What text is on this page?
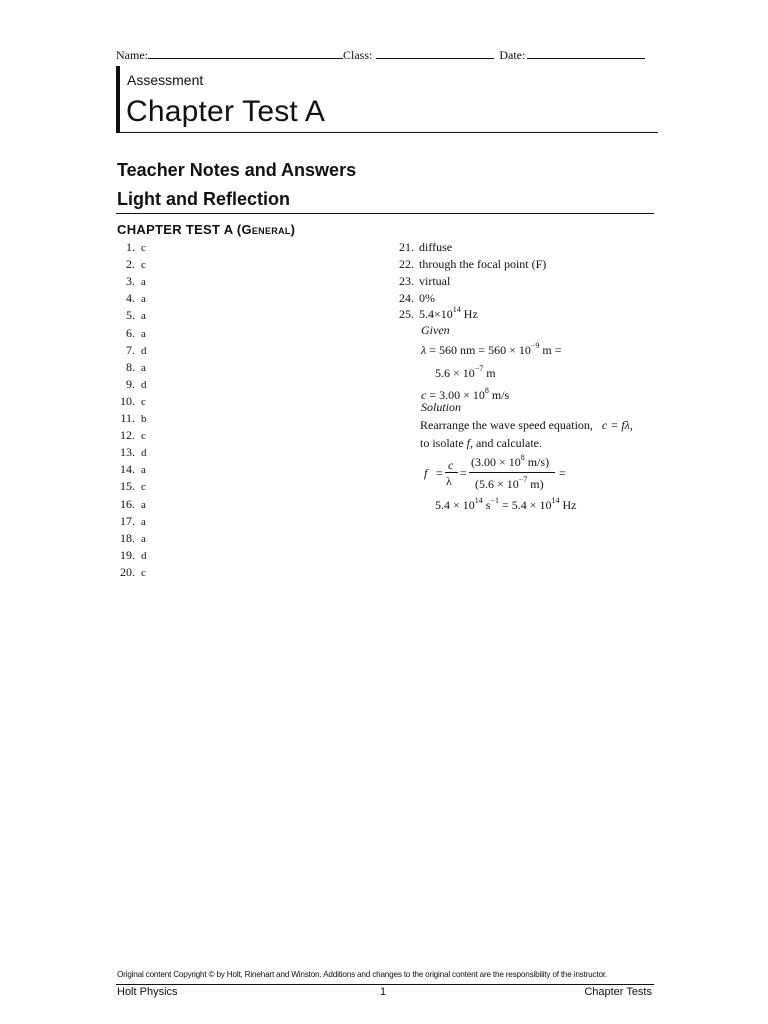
Name:	Class:	Date:
Assessment
Chapter Test A
Teacher Notes and Answers
Light and Reflection
CHAPTER TEST A (General)
1. c
2. c
3. a
4. a
5. a
6. a
7. d
8. a
9. d
10. c
11. b
12. c
13. d
14. a
15. c
16. a
17. a
18. a
19. d
20. c
21. diffuse
22. through the focal point (F)
23. virtual
24. 0%
25. $5.4\times 10^{14}$ Hz
Given
λ = 560 nm = $560 \times 10^{-9}$ m =
$5.6 \times 10^{-7}$ m
$c = 3.00 \times 10^8$ m/s
Solution
Rearrange the wave speed equation, c = fλ,
to isolate f, and calculate.
f =
c
λ
=
($3.00 \times 10^8$ m/s)
($5.6 \times 10^{-7}$ m)
=
$5.4 \times 10^{14}$ $s^{-1} = 5.4 \times 10^{14}$ Hz
Original content Copyright © by Holt, Rinehart and Winston. Additions and changes to the original content are the responsibility of the instructor.
Holt Physics	1	Chapter Tests
